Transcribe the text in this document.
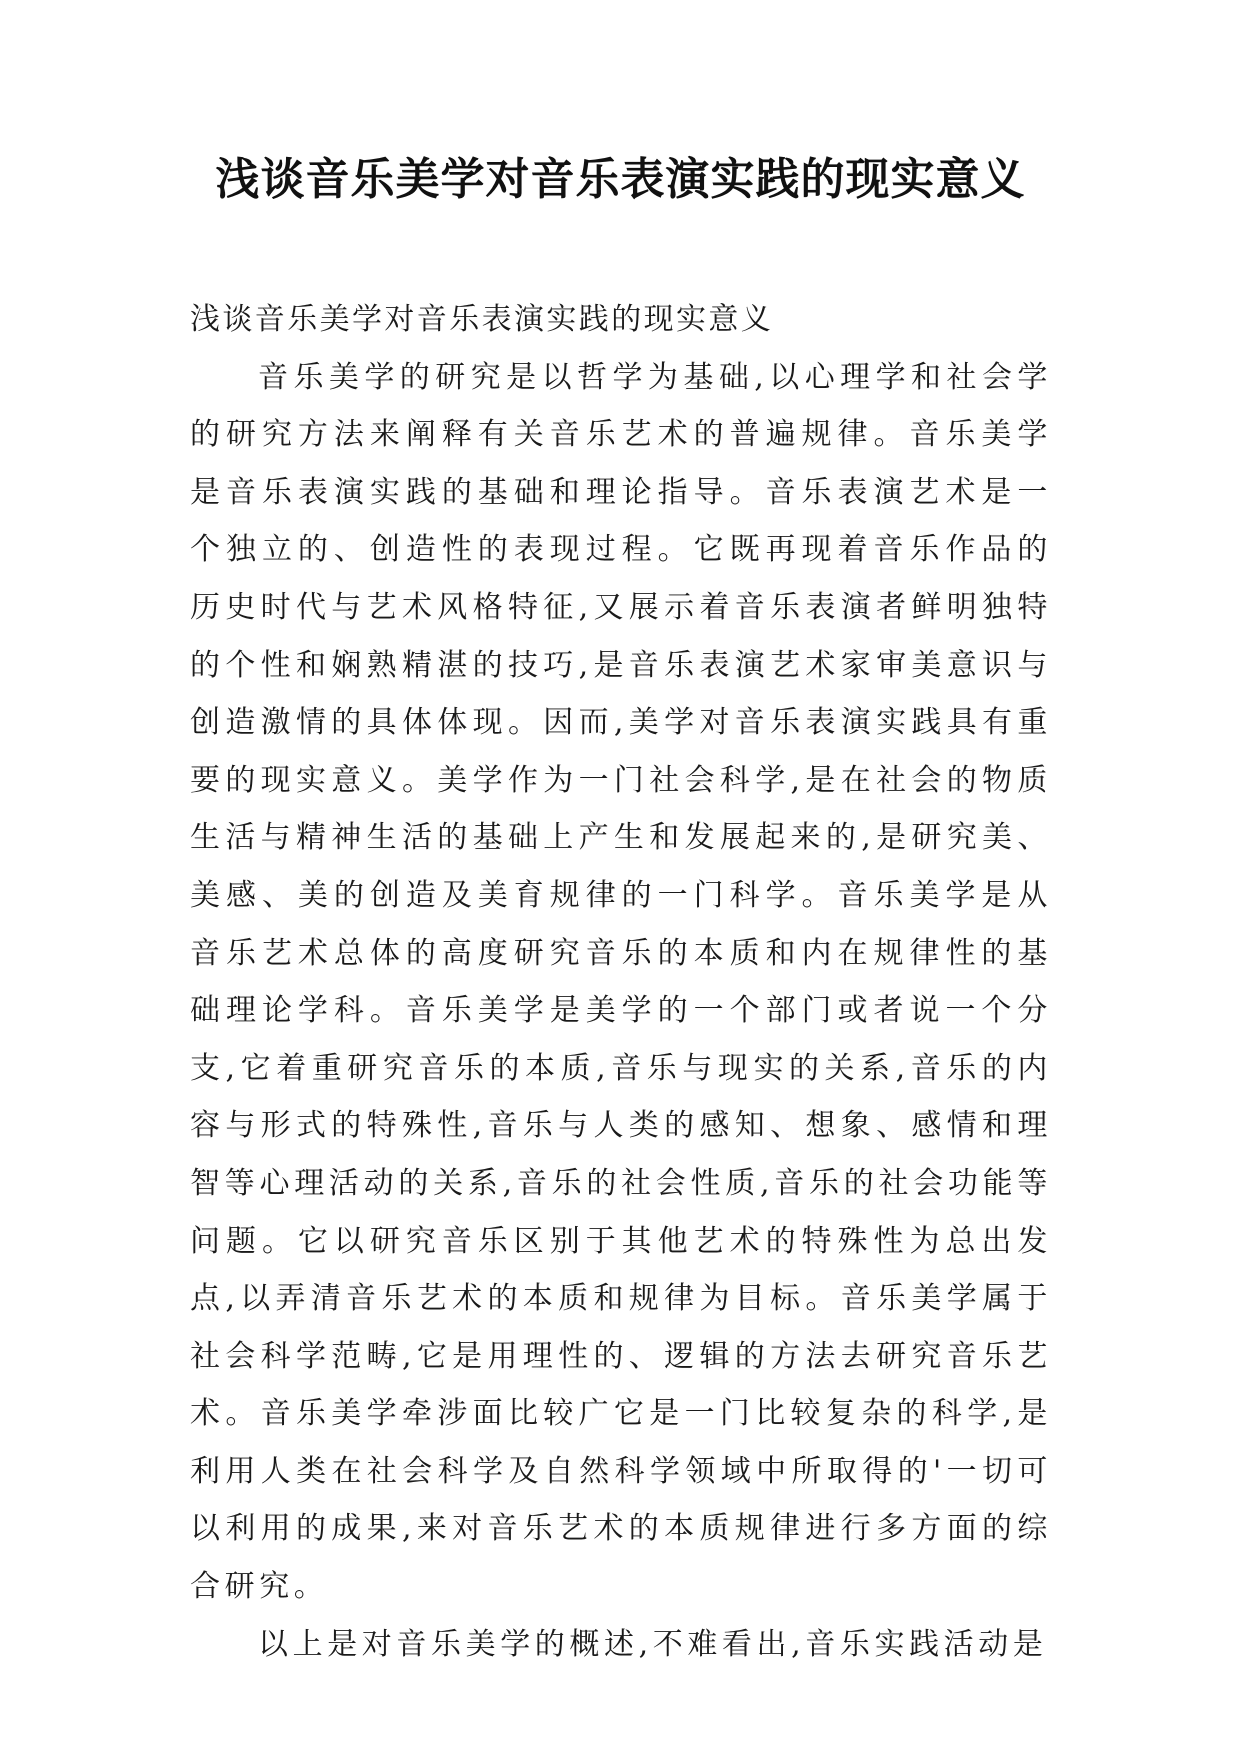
浅谈音乐美学对音乐表演实践的现实意义

浅谈音乐美学对音乐表演实践的现实意义

音乐美学的研究是以哲学为基础,以心理学和社会学的研究方法来阐释有关音乐艺术的普遍规律。音乐美学是音乐表演实践的基础和理论指导。音乐表演艺术是一个独立的、创造性的表现过程。它既再现着音乐作品的历史时代与艺术风格特征,又展示着音乐表演者鲜明独特的个性和娴熟精湛的技巧,是音乐表演艺术家审美意识与创造激情的具体体现。因而,美学对音乐表演实践具有重要的现实意义。美学作为一门社会科学,是在社会的物质生活与精神生活的基础上产生和发展起来的,是研究美、美感、美的创造及美育规律的一门科学。音乐美学是从音乐艺术总体的高度研究音乐的本质和内在规律性的基础理论学科。音乐美学是美学的一个部门或者说一个分支,它着重研究音乐的本质,音乐与现实的关系,音乐的内容与形式的特殊性,音乐与人类的感知、想象、感情和理智等心理活动的关系,音乐的社会性质,音乐的社会功能等问题。它以研究音乐区别于其他艺术的特殊性为总出发点,以弄清音乐艺术的本质和规律为目标。音乐美学属于社会科学范畴,它是用理性的、逻辑的方法去研究音乐艺术。音乐美学牵涉面比较广它是一门比较复杂的科学,是利用人类在社会科学及自然科学领域中所取得的'一切可以利用的成果,来对音乐艺术的本质规律进行多方面的综合研究。

以上是对音乐美学的概述,不难看出,音乐实践活动是
